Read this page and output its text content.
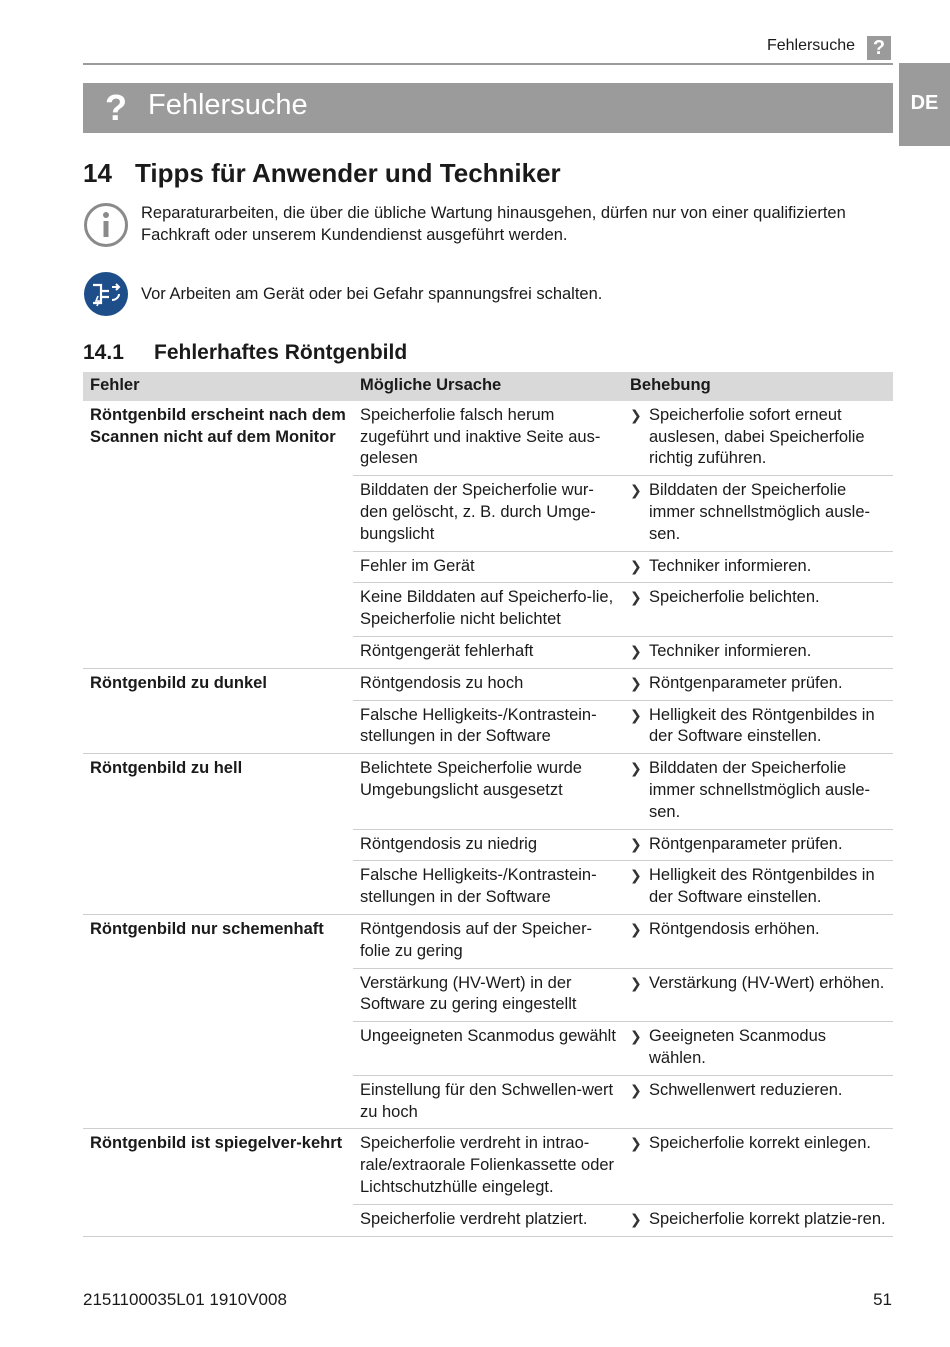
Fehlersuche ?
DE
? Fehlersuche
14 Tipps für Anwender und Techniker
Reparaturarbeiten, die über die übliche Wartung hinausgehen, dürfen nur von einer qualifizierten Fachkraft oder unserem Kundendienst ausgeführt werden.
Vor Arbeiten am Gerät oder bei Gefahr spannungsfrei schalten.
14.1 Fehlerhaftes Röntgenbild
Fehler	Mögliche Ursache	Behebung
Röntgenbild erscheint nach dem Scannen nicht auf dem Monitor	Speicherfolie falsch herum zugeführt und inaktive Seite aus-gelesen	❯ Speicherfolie sofort erneut auslesen, dabei Speicherfolie richtig zuführen.
	Bilddaten der Speicherfolie wur-den gelöscht, z. B. durch Umge-bungslicht	❯ Bilddaten der Speicherfolie immer schnellstmöglich ausle-sen.
	Fehler im Gerät	❯ Techniker informieren.
	Keine Bilddaten auf Speicherfo-lie, Speicherfolie nicht belichtet	❯ Speicherfolie belichten.
	Röntgengerät fehlerhaft	❯ Techniker informieren.
Röntgenbild zu dunkel	Röntgendosis zu hoch	❯ Röntgenparameter prüfen.
	Falsche Helligkeits-/Kontrastein-stellungen in der Software	❯ Helligkeit des Röntgenbildes in der Software einstellen.
Röntgenbild zu hell	Belichtete Speicherfolie wurde Umgebungslicht ausgesetzt	❯ Bilddaten der Speicherfolie immer schnellstmöglich ausle-sen.
	Röntgendosis zu niedrig	❯ Röntgenparameter prüfen.
	Falsche Helligkeits-/Kontrastein-stellungen in der Software	❯ Helligkeit des Röntgenbildes in der Software einstellen.
Röntgenbild nur schemenhaft	Röntgendosis auf der Speicher-folie zu gering	❯ Röntgendosis erhöhen.
	Verstärkung (HV-Wert) in der Software zu gering eingestellt	❯ Verstärkung (HV-Wert) erhöhen.
	Ungeeigneten Scanmodus gewählt	❯ Geeigneten Scanmodus wählen.
	Einstellung für den Schwellen-wert zu hoch	❯ Schwellenwert reduzieren.
Röntgenbild ist spiegelver-kehrt	Speicherfolie verdreht in intrao-rale/extraorale Folienkassette oder Lichtschutzhülle eingelegt.	❯ Speicherfolie korrekt einlegen.
	Speicherfolie verdreht platziert.	❯ Speicherfolie korrekt platzie-ren.
2151100035L01 1910V008	51
